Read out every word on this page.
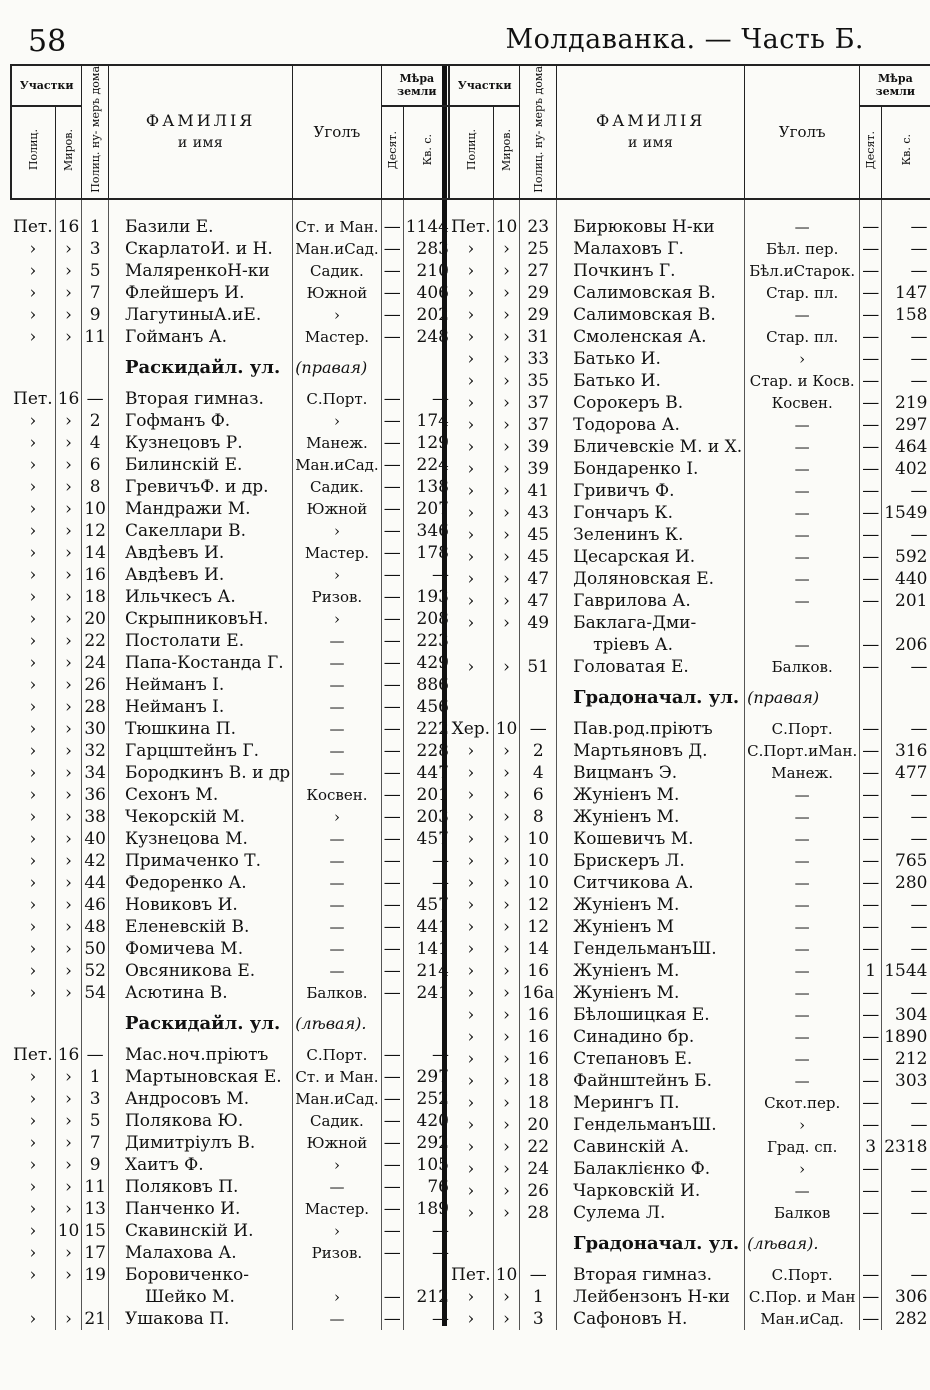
58	Молдаванка. — Часть Б.
Участки		Полиц. ну- меръ дома	ФАМИЛІЯ
и имя	Уголъ	Мѣра земли	
Полиц.	Миров.				Десят.	Кв. с.
Пет.	16	1	Базили Е.	Ст. и Ман.	—	1144
›	›	3	СкарлатоИ. и Н.	Ман.иСад.	—	283
›	›	5	МаляренкоН-ки	Садик.	—	210
›	›	7	Флейшеръ И.	Южной	—	406
›	›	9	ЛагутиныА.иЕ.	›	—	202
›	›	11	Гойманъ А.	Мастер.	—	248
			Раскидайл. ул.	(правая)		
Пет.	16	—	Вторая гимназ.	С.Порт.	—	—
›	›	2	Гофманъ Ф.	›	—	174
›	›	4	Кузнецовъ Р.	Манеж.	—	129
›	›	6	Билинскій Е.	Ман.иСад.	—	224
›	›	8	ГревичъФ. и др.	Садик.	—	138
›	›	10	Мандражи М.	Южной	—	207
›	›	12	Сакеллари В.	›	—	346
›	›	14	Авдѣевъ И.	Мастер.	—	178
›	›	16	Авдѣевъ И.	›	—	—
›	›	18	Ильчкесъ А.	Ризов.	—	193
›	›	20	СкрыпниковъН.	›	—	208
›	›	22	Постолати Е.	—	—	223
›	›	24	Папа-Костанда Г.	—	—	429
›	›	26	Нейманъ І.	—	—	886
›	›	28	Нейманъ І.	—	—	456
›	›	30	Тюшкина П.	—	—	222
›	›	32	Гарцштейнъ Г.	—	—	228
›	›	34	Бородкинъ В. и др	—	—	447
›	›	36	Сехонъ М.	Косвен.	—	201
›	›	38	Чекорскій М.	›	—	203
›	›	40	Кузнецова М.	—	—	457
›	›	42	Примаченко Т.	—	—	—
›	›	44	Федоренко А.	—	—	—
›	›	46	Новиковъ И.	—	—	457
›	›	48	Еленевскій В.	—	—	441
›	›	50	Фомичева М.	—	—	141
›	›	52	Овсяникова Е.	—	—	214
›	›	54	Асютина В.	Балков.	—	241
			Раскидайл. ул.	(лѣвая).		
Пет.	16	—	Мас.ноч.пріютъ	С.Порт.	—	—
›	›	1	Мартыновская Е.	Ст. и Ман.	—	297
›	›	3	Андросовъ М.	Ман.иСад.	—	252
›	›	5	Полякова Ю.	Садик.	—	420
›	›	7	Димитріулъ В.	Южной	—	292
›	›	9	Хаитъ Ф.	›	—	105
›	›	11	Поляковъ П.	—	—	76
›	›	13	Панченко И.	Мастер.	—	189
›	10	15	Скавинскій И.	›	—	—
›	›	17	Малахова А.	Ризов.	—	—
›	›	19	Боровиченко-			
			Шейко М.	›	—	212
›	›	21	Ушакова П.	—	—	—
Участки		Полиц. ну- меръ дома	ФАМИЛІЯ
и имя	Уголъ	Мѣра земли	
Полиц.	Миров.				Десят.	Кв. с.
Пет.	10	23	Бирюковы Н-ки	—	—	—
›	›	25	Малаховъ Г.	Бѣл. пер.	—	—
›	›	27	Почкинъ Г.	Бѣл.иСтарок.	—	—
›	›	29	Салимовская В.	Стар. пл.	—	147
›	›	29	Салимовская В.	—	—	158
›	›	31	Смоленская А.	Стар. пл.	—	—
›	›	33	Батько И.	›	—	—
›	›	35	Батько И.	Стар. и Косв.	—	—
›	›	37	Сорокеръ В.	Косвен.	—	219
›	›	37	Тодорова А.	—	—	297
›	›	39	Бличевскіе М. и Х.	—	—	464
›	›	39	Бондаренко І.	—	—	402
›	›	41	Гривичъ Ф.	—	—	—
›	›	43	Гончаръ К.	—	—	1549
›	›	45	Зеленинъ К.	—	—	—
›	›	45	Цесарская И.	—	—	592
›	›	47	Доляновская Е.	—	—	440
›	›	47	Гаврилова А.	—	—	201
›	›	49	Баклага-Дми-			
			тріевъ А.	—	—	206
›	›	51	Головатая Е.	Балков.	—	—
			Градоначал. ул.	(правая)		
Хер.	10	—	Пав.род.пріютъ	С.Порт.	—	—
›	›	2	Мартьяновъ Д.	С.Порт.иМан.	—	316
›	›	4	Вицманъ Э.	Манеж.	—	477
›	›	6	Жуніенъ М.	—	—	—
›	›	8	Жуніенъ М.	—	—	—
›	›	10	Кошевичъ М.	—	—	—
›	›	10	Брискеръ Л.	—	—	765
›	›	10	Ситчикова А.	—	—	280
›	›	12	Жуніенъ М.	—	—	—
›	›	12	Жуніенъ М	—	—	—
›	›	14	ГендельманъШ.	—	—	—
›	›	16	Жуніенъ М.	—	1	1544
›	›	16а	Жуніенъ М.	—	—	—
›	›	16	Бѣлошицкая Е.	—	—	304
›	›	16	Синадино бр.	—	—	1890
›	›	16	Степановъ Е.	—	—	212
›	›	18	Файнштейнъ Б.	—	—	303
›	›	18	Мерингъ П.	Скот.пер.	—	—
›	›	20	ГендельманъШ.	›	—	—
›	›	22	Савинскій А.	Град. сп.	3	2318
›	›	24	Балаклієнко Ф.	›	—	—
›	›	26	Чарковскій И.	—	—	—
›	›	28	Сулема Л.	Балков	—	—
			Градоначал. ул.	(лѣвая).		
Пет.	10	—	Вторая гимназ.	С.Порт.	—	—
›	›	1	Лейбензонъ Н-ки	С.Пор. и Ман	—	306
›	›	3	Сафоновъ Н.	Ман.иСад.	—	282
